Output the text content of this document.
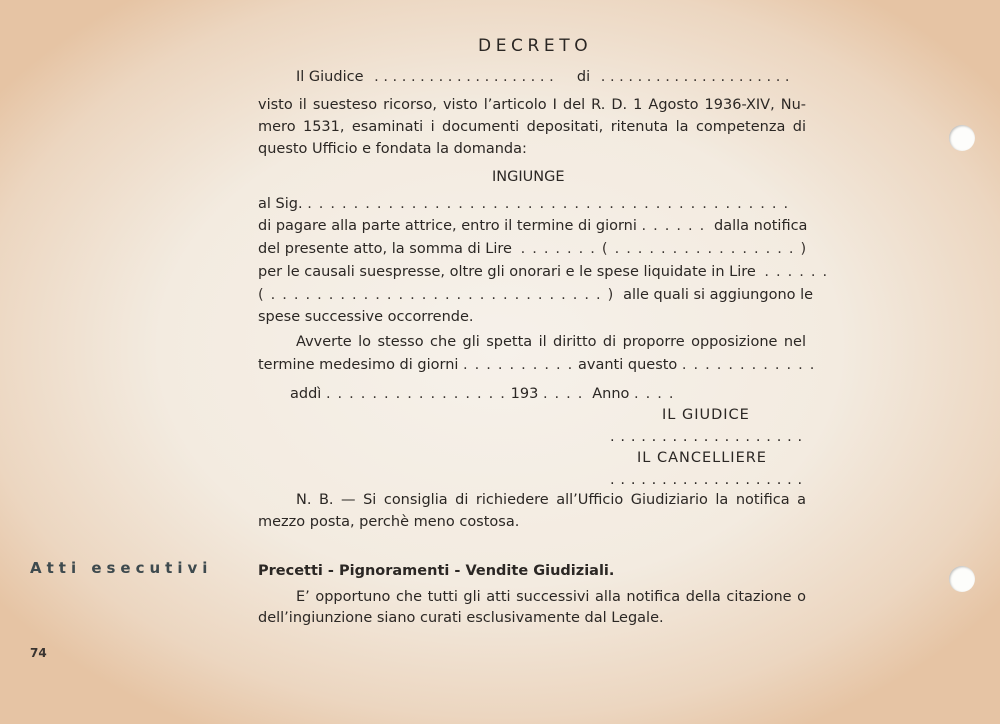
DECRETO
Il Giudice .................... di .....................
visto il suesteso ricorso, visto l’articolo I del R. D. 1 Agosto 1936-XIV, Nu-
mero 1531, esaminati i documenti depositati, ritenuta la competenza di
questo Ufficio e fondata la domanda:
INGIUNGE
al Sig. . . . . . . . . . . . . . . . . . . . . . . . . . . . . . . . . . . . . . . . . . .
di pagare alla parte attrice, entro il termine di giorni . . . . . . dalla notifica
del presente atto, la somma di Lire . . . . . . . ( . . . . . . . . . . . . . . . . )
per le causali suespresse, oltre gli onorari e le spese liquidate in Lire . . . . . .
( . . . . . . . . . . . . . . . . . . . . . . . . . . . . . ) alle quali si aggiungono le
spese successive occorrende.
Avverte lo stesso che gli spetta il diritto di proporre opposizione nel
termine medesimo di giorni . . . . . . . . . . avanti questo . . . . . . . . . . . .
addì . . . . . . . . . . . . . . . . 193 . . . . Anno . . . .
IL GIUDICE
. . . . . . . . . . . . . . . . . . .
IL CANCELLIERE
. . . . . . . . . . . . . . . . . . .
N. B. — Si consiglia di richiedere all’Ufficio Giudiziario la notifica a
mezzo posta, perchè meno costosa.
Atti esecutivi	Precetti - Pignoramenti - Vendite Giudiziali.
E’ opportuno che tutti gli atti successivi alla notifica della citazione o
dell’ingiunzione siano curati esclusivamente dal Legale.
74
